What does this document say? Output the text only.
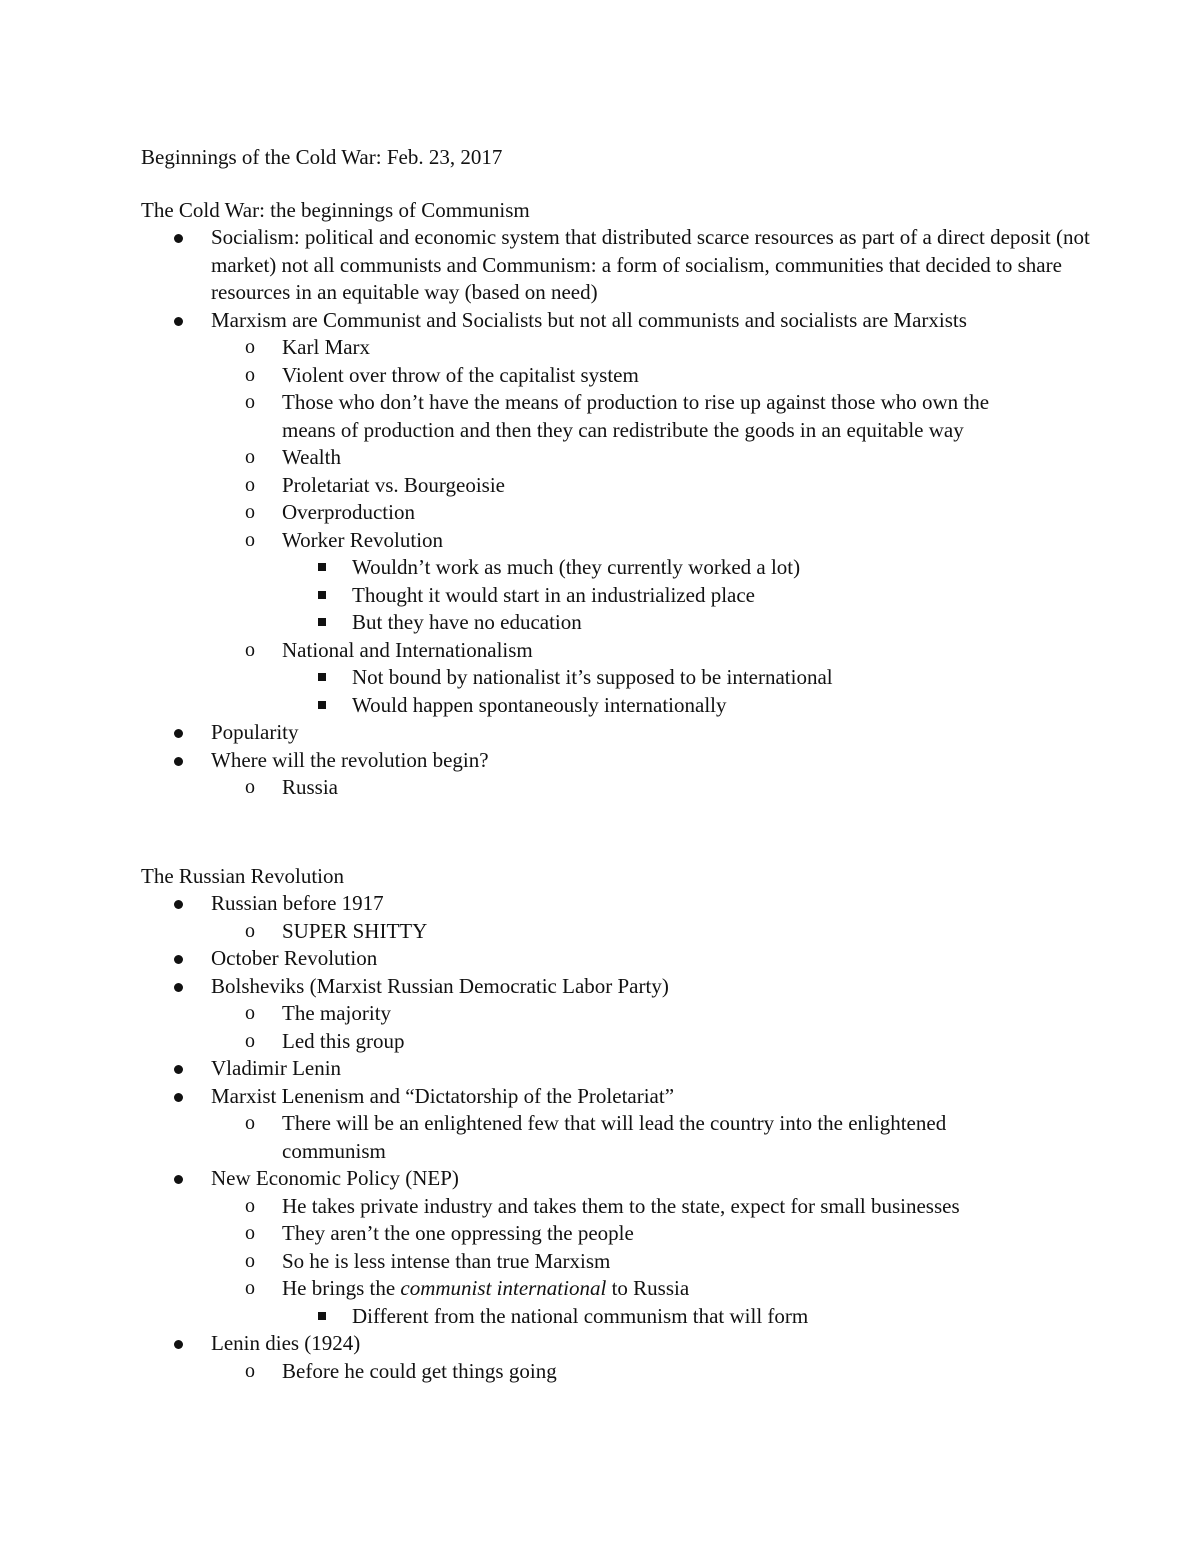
Beginnings of the Cold War: Feb. 23, 2017
The Cold War: the beginnings of Communism
Socialism: political and economic system that distributed scarce resources as part of a direct deposit (not market) not all communists and Communism: a form of socialism, communities that decided to share resources in an equitable way (based on need)
Marxism are Communist and Socialists but not all communists and socialists are Marxists
o Karl Marx
o Violent over throw of the capitalist system
o Those who don’t have the means of production to rise up against those who own the means of production and then they can redistribute the goods in an equitable way
o Wealth
o Proletariat vs. Bourgeoisie
o Overproduction
o Worker Revolution
Wouldn’t work as much (they currently worked a lot)
Thought it would start in an industrialized place
But they have no education
o National and Internationalism
Not bound by nationalist it’s supposed to be international
Would happen spontaneously internationally
Popularity
Where will the revolution begin?
o Russia
The Russian Revolution
Russian before 1917
o SUPER SHITTY
October Revolution
Bolsheviks (Marxist Russian Democratic Labor Party)
o The majority
o Led this group
Vladimir Lenin
Marxist Lenenism and “Dictatorship of the Proletariat”
o There will be an enlightened few that will lead the country into the enlightened communism
New Economic Policy (NEP)
o He takes private industry and takes them to the state, expect for small businesses
o They aren’t the one oppressing the people
o So he is less intense than true Marxism
o He brings the communist international to Russia
Different from the national communism that will form
Lenin dies (1924)
o Before he could get things going
